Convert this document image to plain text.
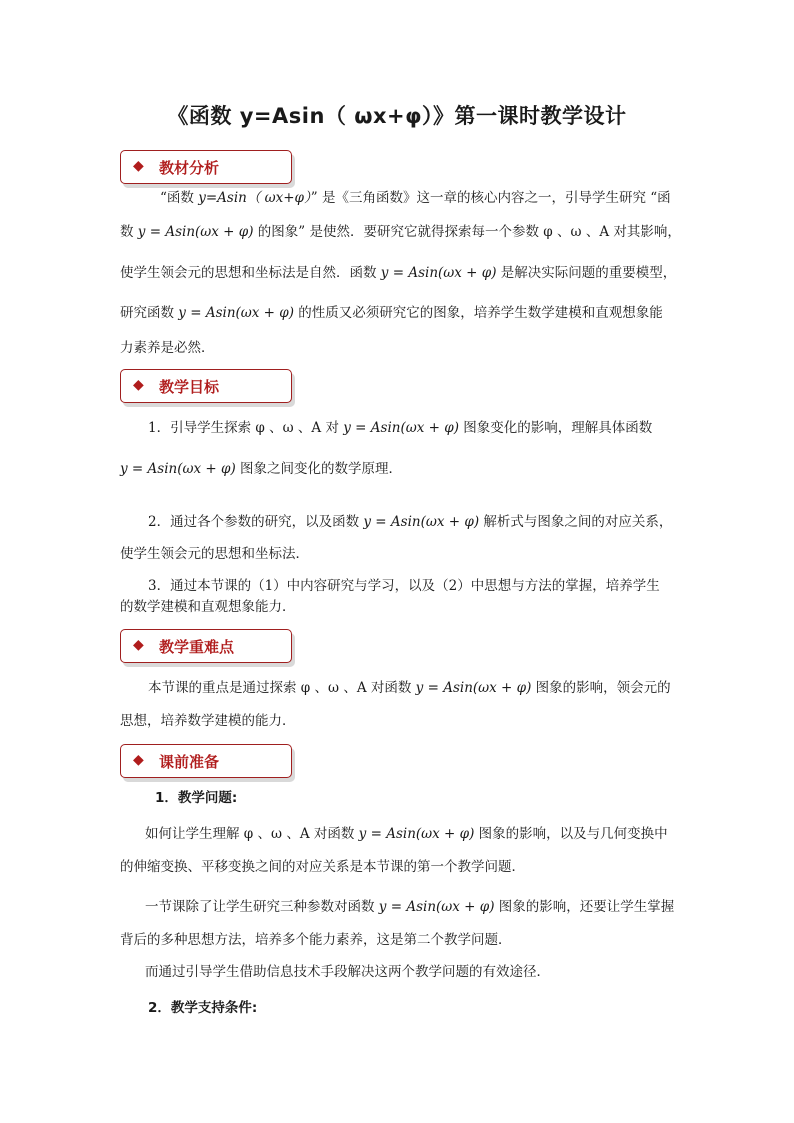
《函数 y=Asin（ ωx+φ）》第一课时教学设计
◆ 教材分析
“函数 y=Asin（ ωx+φ）” 是《三角函数》这一章的核心内容之一，引导学生研究 “函
数 y = Asin(ωx + φ) 的图象” 是使然．要研究它就得探索每一个参数 φ 、ω 、A 对其影响，
使学生领会元的思想和坐标法是自然．函数 y = Asin(ωx + φ) 是解决实际问题的重要模型，
研究函数 y = Asin(ωx + φ) 的性质又必须研究它的图象，培养学生数学建模和直观想象能
力素养是必然．
◆ 教学目标
1．引导学生探索 φ 、ω 、A 对 y = Asin(ωx + φ) 图象变化的影响，理解具体函数
y = Asin(ωx + φ) 图象之间变化的数学原理．
2．通过各个参数的研究，以及函数 y = Asin(ωx + φ) 解析式与图象之间的对应关系，
使学生领会元的思想和坐标法．
3．通过本节课的（1）中内容研究与学习，以及（2）中思想与方法的掌握，培养学生
的数学建模和直观想象能力．
◆ 教学重难点
本节课的重点是通过探索 φ 、ω 、A 对函数 y = Asin(ωx + φ) 图象的影响，领会元的
思想，培养数学建模的能力．
◆ 课前准备
1．教学问题:
如何让学生理解 φ 、ω 、A 对函数 y = Asin(ωx + φ) 图象的影响，以及与几何变换中
的伸缩变换、平移变换之间的对应关系是本节课的第一个教学问题．
一节课除了让学生研究三种参数对函数 y = Asin(ωx + φ) 图象的影响，还要让学生掌握
背后的多种思想方法，培养多个能力素养，这是第二个教学问题．
而通过引导学生借助信息技术手段解决这两个教学问题的有效途径．
2．教学支持条件:
